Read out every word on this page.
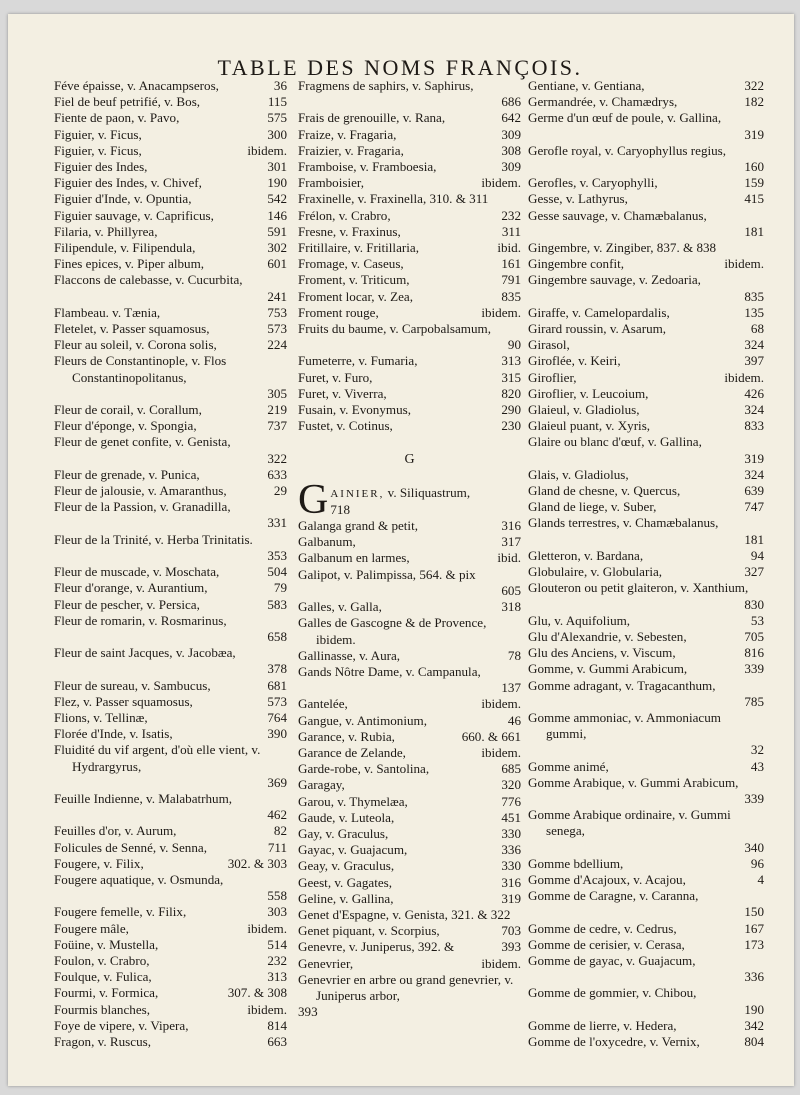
TABLE DES NOMS FRANÇOIS.
Féve épaisse, v. Anacampseros,	36
Fiel de beuf petrifié, v. Bos,	115
Fiente de paon, v. Pavo,	575
Figuier, v. Ficus,	300
Figuier, v. Ficus,	ibidem.
Figuier des Indes,	301
Figuier des Indes, v. Chivef,	190
Figuier d'Inde, v. Opuntia,	542
Figuier sauvage, v. Caprificus,	146
Filaria, v. Phillyrea,	591
Filipendule, v. Filipendula,	302
Fines epices, v. Piper album,	601
Flaccons de calebasse, v. Cucurbita,
241
Flambeau. v. Tænia,	753
Fletelet, v. Passer squamosus,	573
Fleur au soleil, v. Corona solis,	224
Fleurs de Constantinople, v. Flos Constantinopolitanus,
305
Fleur de corail, v. Corallum,	219
Fleur d'éponge, v. Spongia,	737
Fleur de genet confite, v. Genista,
322
Fleur de grenade, v. Punica,	633
Fleur de jalousie, v. Amaranthus,	29
Fleur de la Passion, v. Granadilla,
331
Fleur de la Trinité, v. Herba Trinitatis.
353
Fleur de muscade, v. Moschata,	504
Fleur d'orange, v. Aurantium,	79
Fleur de pescher, v. Persica,	583
Fleur de romarin, v. Rosmarinus,
658
Fleur de saint Jacques, v. Jacobæa,
378
Fleur de sureau, v. Sambucus,	681
Flez, v. Passer squamosus,	573
Flions, v. Tellinæ,	764
Florée d'Inde, v. Isatis,	390
Fluidité du vif argent, d'où elle vient, v. Hydrargyrus,
369
Feuille Indienne, v. Malabatrhum,
462
Feuilles d'or, v. Aurum,	82
Folicules de Senné, v. Senna,	711
Fougere, v. Filix,	302. & 303
Fougere aquatique, v. Osmunda,
558
Fougere femelle, v. Filix,	303
Fougere mâle,	ibidem.
Foüine, v. Mustella,	514
Foulon, v. Crabro,	232
Foulque, v. Fulica,	313
Fourmi, v. Formica,	307. & 308
Fourmis blanches,	ibidem.
Foye de vipere, v. Vipera,	814
Fragon, v. Ruscus,	663
Fragmens de saphirs, v. Saphirus,
686
Frais de grenouille, v. Rana,	642
Fraize, v. Fragaria,	309
Fraizier, v. Fragaria,	308
Framboise, v. Framboesia,	309
Framboisier,	ibidem.
Fraxinelle, v. Fraxinella, 310. & 311
Frélon, v. Crabro,	232
Fresne, v. Fraxinus,	311
Fritillaire, v. Fritillaria,	ibid.
Fromage, v. Caseus,	161
Froment, v. Triticum,	791
Froment locar, v. Zea,	835
Froment rouge,	ibidem.
Fruits du baume, v. Carpobalsamum,
90
Fumeterre, v. Fumaria,	313
Furet, v. Furo,	315
Furet, v. Viverra,	820
Fusain, v. Evonymus,	290
Fustet, v. Cotinus,	230
G
G AINIER, v. Siliquastrum,
718
Galanga grand & petit,	316
Galbanum,	317
Galbanum en larmes,	ibid.
Galipot, v. Palimpissa, 564. & pix
605
Galles, v. Galla,	318
Galles de Gascogne & de Provence, ibidem.
Gallinasse, v. Aura,	78
Gands Nôtre Dame, v. Campanula,
137
Gantelée,	ibidem.
Gangue, v. Antimonium,	46
Garance, v. Rubia,	660. & 661
Garance de Zelande,	ibidem.
Garde-robe, v. Santolina,	685
Garagay,	320
Garou, v. Thymelæa,	776
Gaude, v. Luteola,	451
Gay, v. Graculus,	330
Gayac, v. Guajacum,	336
Geay, v. Graculus,	330
Geest, v. Gagates,	316
Geline, v. Gallina,	319
Genet d'Espagne, v. Genista, 321. & 322
Genet piquant, v. Scorpius,	703
Genevre, v. Juniperus, 392. &	393
Genevrier,	ibidem.
Genevrier en arbre ou grand genevrier, v. Juniperus arbor,
393
Gentiane, v. Gentiana,	322
Germandrée, v. Chamædrys,	182
Germe d'un œuf de poule, v. Gallina,
319
Gerofle royal, v. Caryophyllus regius,
160
Gerofles, v. Caryophylli,	159
Gesse, v. Lathyrus,	415
Gesse sauvage, v. Chamæbalanus,
181
Gingembre, v. Zingiber, 837. & 838
Gingembre confit,	ibidem.
Gingembre sauvage, v. Zedoaria,
835
Giraffe, v. Camelopardalis,	135
Girard roussin, v. Asarum,	68
Girasol,	324
Giroflée, v. Keiri,	397
Giroflier,	ibidem.
Giroflier, v. Leucoium,	426
Glaieul, v. Gladiolus,	324
Glaieul puant, v. Xyris,	833
Glaire ou blanc d'œuf, v. Gallina,
319
Glais, v. Gladiolus,	324
Gland de chesne, v. Quercus,	639
Gland de liege, v. Suber,	747
Glands terrestres, v. Chamæbalanus,
181
Gletteron, v. Bardana,	94
Globulaire, v. Globularia,	327
Glouteron ou petit glaiteron, v. Xanthium,
830
Glu, v. Aquifolium,	53
Glu d'Alexandrie, v. Sebesten,	705
Glu des Anciens, v. Viscum,	816
Gomme, v. Gummi Arabicum,	339
Gomme adragant, v. Tragacanthum,
785
Gomme ammoniac, v. Ammoniacum gummi,
32
Gomme animé,	43
Gomme Arabique, v. Gummi Arabicum,
339
Gomme Arabique ordinaire, v. Gummi senega,
340
Gomme bdellium,	96
Gomme d'Acajoux, v. Acajou,	4
Gomme de Caragne, v. Caranna,
150
Gomme de cedre, v. Cedrus,	167
Gomme de cerisier, v. Cerasa,	173
Gomme de gayac, v. Guajacum,
336
Gomme de gommier, v. Chibou,
190
Gomme de lierre, v. Hedera,	342
Gomme de l'oxycedre, v. Vernix,	804
